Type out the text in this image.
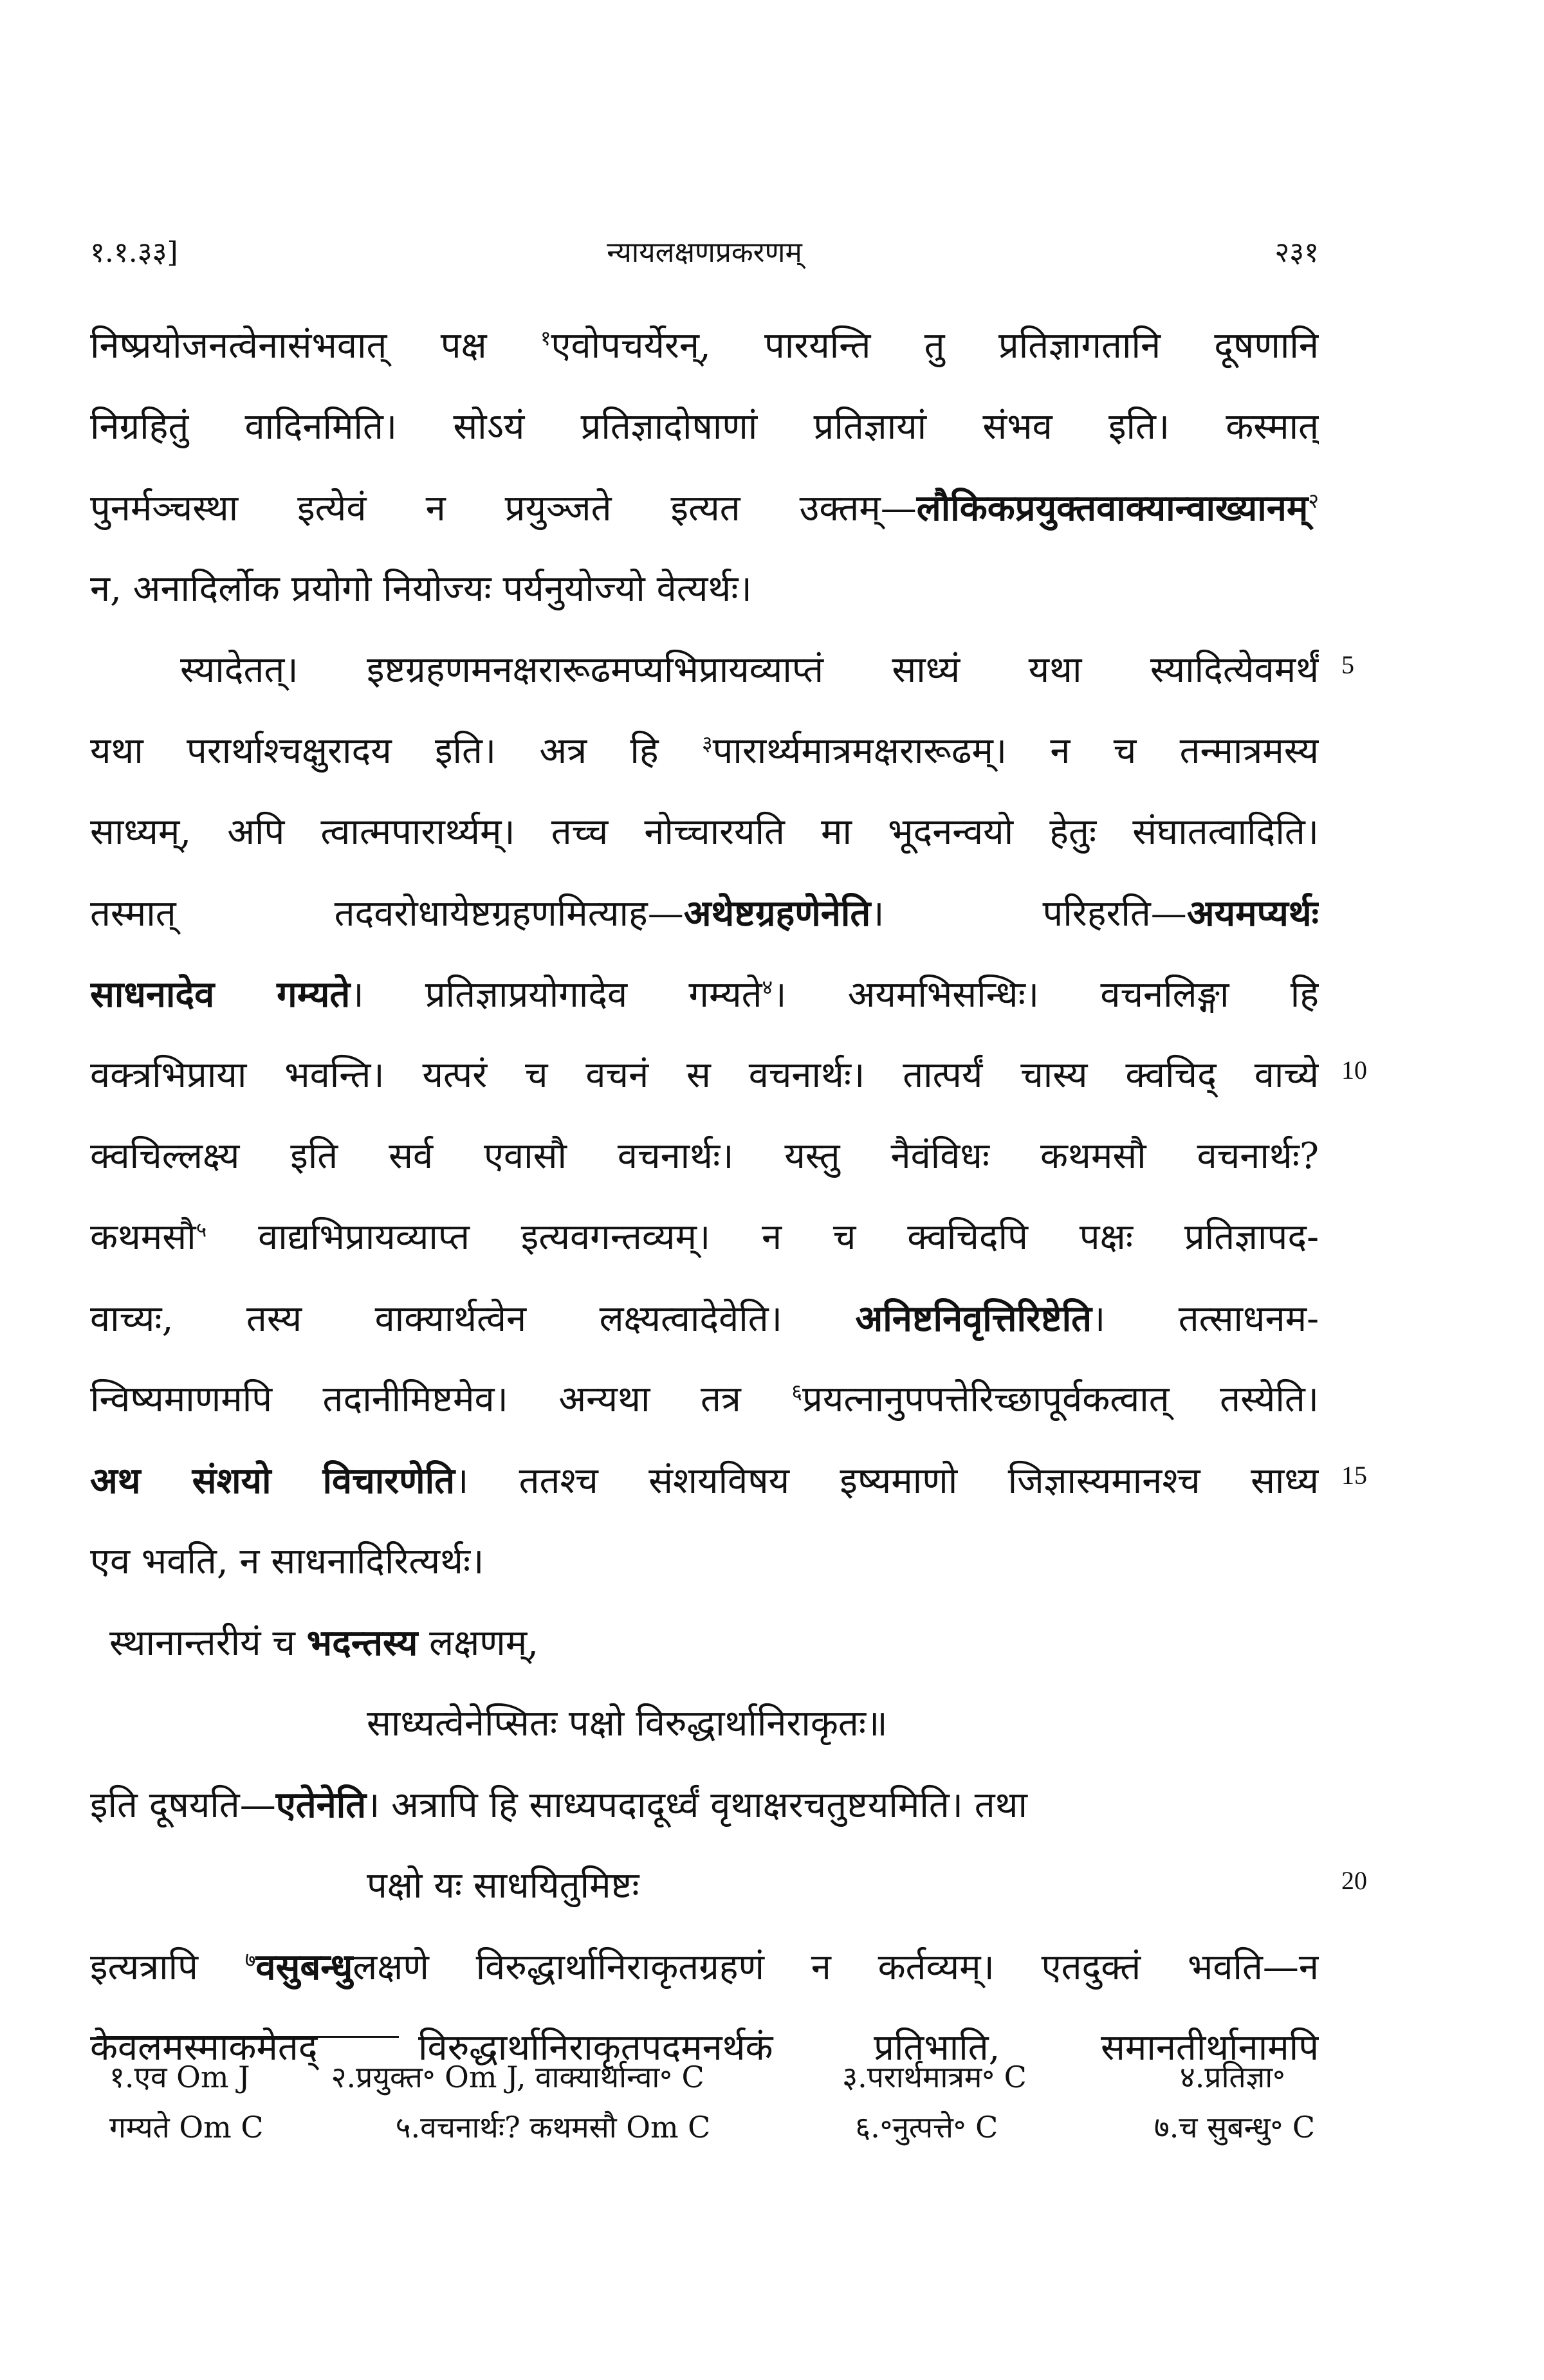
१.१.३३]	न्यायलक्षणप्रकरणम्	२३१
निष्प्रयोजनत्वेनासंभवात् पक्ष $^१$एवोपचर्येरन्, पारयन्ति तु प्रतिज्ञागतानि दूषणानि
निग्रहितुं वादिनमिति। सोऽयं प्रतिज्ञादोषाणां प्रतिज्ञायां संभव इति। कस्मात्
पुनर्मञ्चस्था इत्येवं न प्रयुञ्जते इत्यत उक्तम्—लौकिकप्रयुक्तवाक्यान्वाख्यानम्$^२$
न, अनादिर्लोक प्रयोगो नियोज्यः पर्यनुयोज्यो वेत्यर्थः।
स्यादेतत्। इष्टग्रहणमनक्षरारूढमप्यभिप्रायव्याप्तं साध्यं यथा स्यादित्येवमर्थं
यथा परार्थाश्चक्षुरादय इति। अत्र हि $^३$पारार्थ्यमात्रमक्षरारूढम्। न च तन्मात्रमस्य
साध्यम्, अपि त्वात्मपारार्थ्यम्। तच्च नोच्चारयति मा भूदनन्वयो हेतुः संघातत्वादिति।
तस्मात् तदवरोधायेष्टग्रहणमित्याह—अथेष्टग्रहणेनेति। परिहरति—अयमप्यर्थः
साधनादेव गम्यते। प्रतिज्ञाप्रयोगादेव गम्यते$^४$। अयमभिसन्धिः। वचनलिङ्गा हि
वक्त्रभिप्राया भवन्ति। यत्परं च वचनं स वचनार्थः। तात्पर्यं चास्य क्वचिद् वाच्ये
क्वचिल्लक्ष्य इति सर्व एवासौ वचनार्थः। यस्तु नैवंविधः कथमसौ वचनार्थः?
कथमसौ$^५$ वाद्यभिप्रायव्याप्त इत्यवगन्तव्यम्। न च क्वचिदपि पक्षः प्रतिज्ञापद-
वाच्यः, तस्य वाक्यार्थत्वेन लक्ष्यत्वादेवेति। अनिष्टनिवृत्तिरिष्टेति। तत्साधनम-
न्विष्यमाणमपि तदानीमिष्टमेव। अन्यथा तत्र $^६$प्रयत्नानुपपत्तेरिच्छापूर्वकत्वात् तस्येति।
अथ संशयो विचारणेति। ततश्च संशयविषय इष्यमाणो जिज्ञास्यमानश्च साध्य
एव भवति, न साधनादिरित्यर्थः।
स्थानान्तरीयं च भदन्तस्य लक्षणम्,
साध्यत्वेनेप्सितः पक्षो विरुद्धार्थानिराकृतः॥
इति दूषयति—एतेनेति। अत्रापि हि साध्यपदादूर्ध्वं वृथाक्षरचतुष्टयमिति। तथा
पक्षो यः साधयितुमिष्टः
इत्यत्रापि $^७$वसुबन्धुलक्षणे विरुद्धार्थानिराकृतग्रहणं न कर्तव्यम्। एतदुक्तं भवति—न
केवलमस्माकमेतद् विरुद्धार्थानिराकृतपदमनर्थकं प्रतिभाति, समानतीर्थानामपि
5
10
15
20
१.एव Om J	२.प्रयुक्त॰ Om J, वाक्यार्थान्वा॰ C	३.परार्थमात्रम॰ C	४.प्रतिज्ञा॰
गम्यते Om C	५.वचनार्थः? कथमसौ Om C	६.॰नुत्पत्ते॰ C	७.च सुबन्धु॰ C
